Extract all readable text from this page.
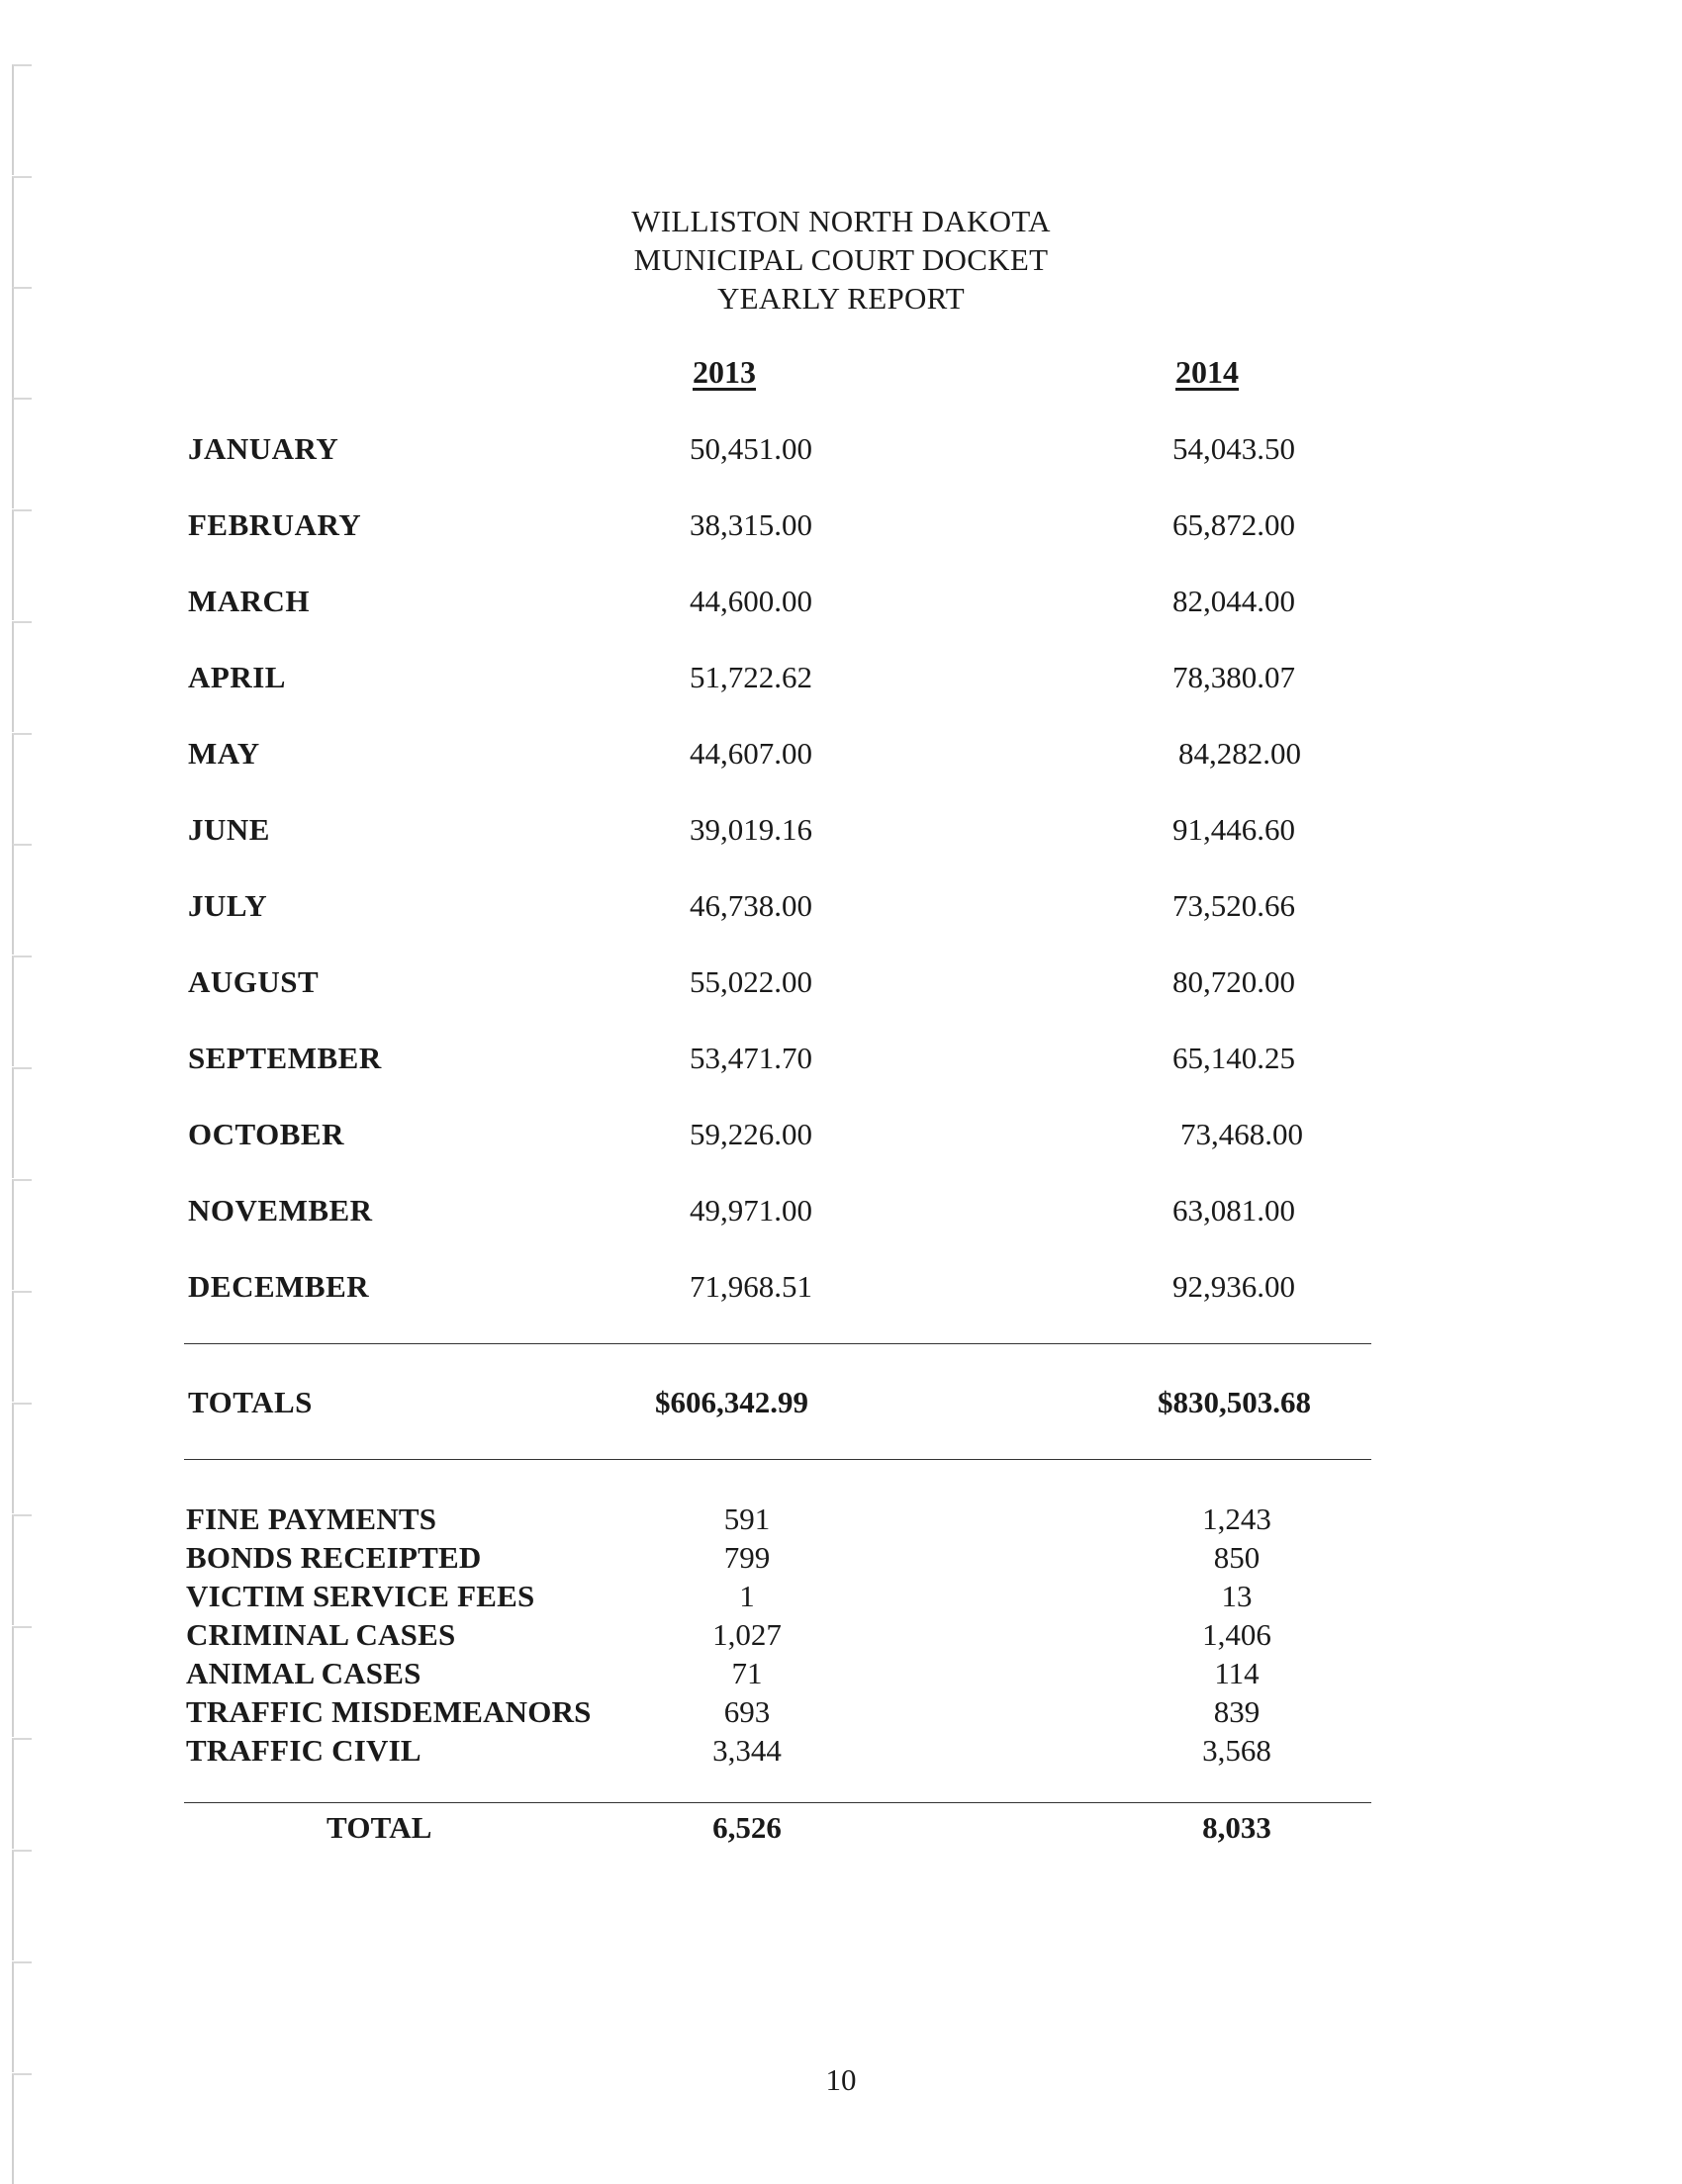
WILLISTON NORTH DAKOTA
MUNICIPAL COURT DOCKET
YEARLY REPORT
2013	2014
JANUARY	50,451.00	54,043.50
FEBRUARY	38,315.00	65,872.00
MARCH	44,600.00	82,044.00
APRIL	51,722.62	78,380.07
MAY	44,607.00	84,282.00
JUNE	39,019.16	91,446.60
JULY	46,738.00	73,520.66
AUGUST	55,022.00	80,720.00
SEPTEMBER	53,471.70	65,140.25
OCTOBER	59,226.00	73,468.00
NOVEMBER	49,971.00	63,081.00
DECEMBER	71,968.51	92,936.00
TOTALS	$606,342.99	$830,503.68
FINE PAYMENTS	591	1,243
BONDS RECEIPTED	799	850
VICTIM SERVICE FEES	1	13
CRIMINAL CASES	1,027	1,406
ANIMAL CASES	71	114
TRAFFIC MISDEMEANORS	693	839
TRAFFIC CIVIL	3,344	3,568
TOTAL	6,526	8,033
10
